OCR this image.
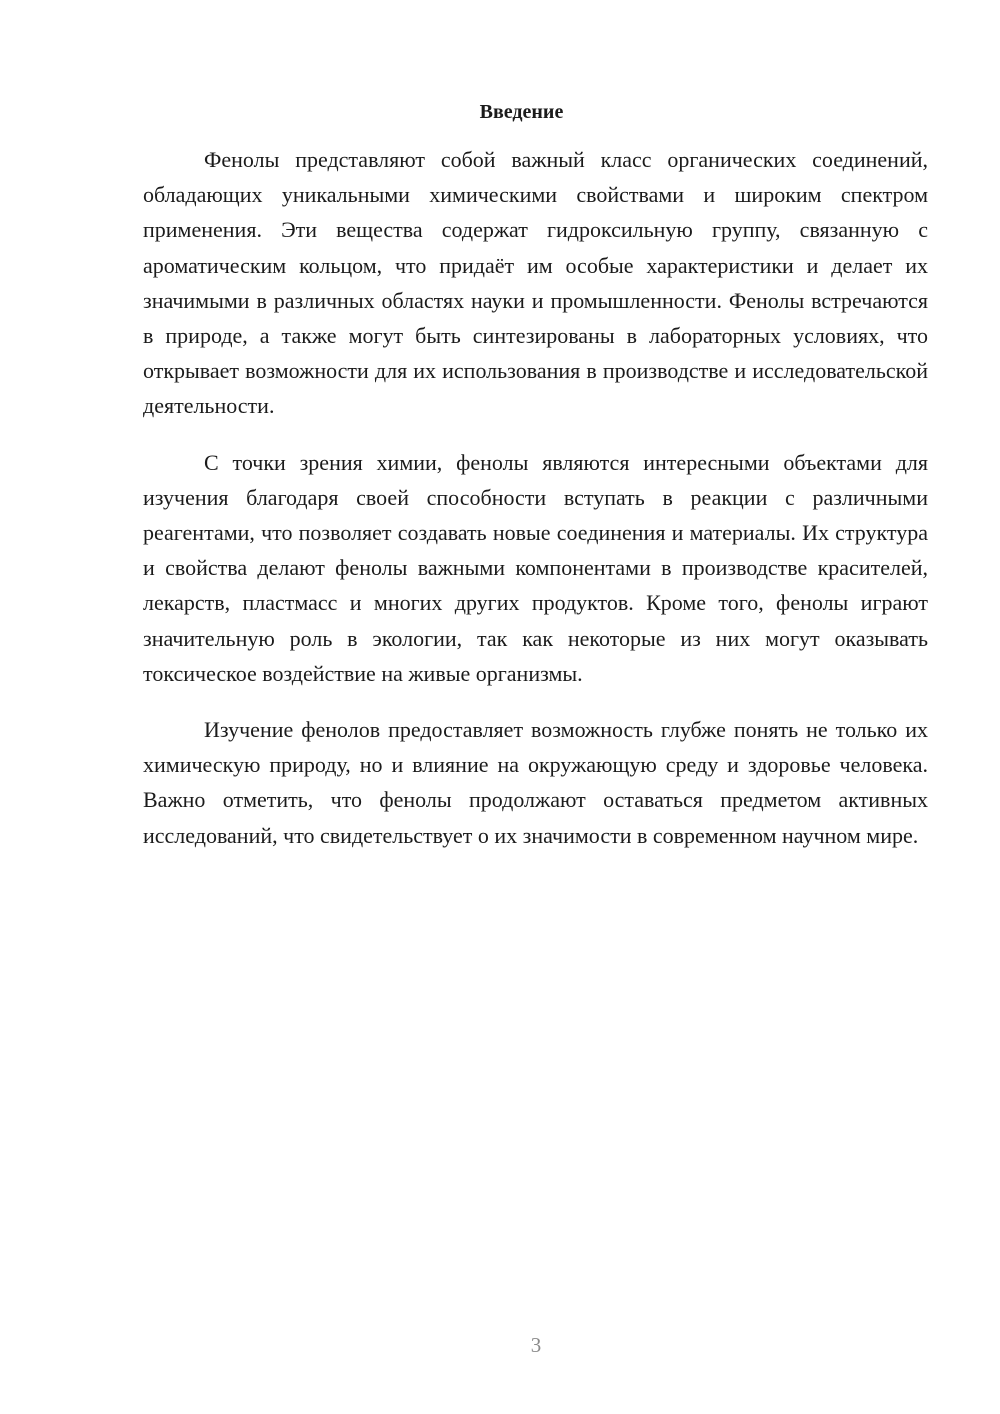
Введение

Фенолы представляют собой важный класс органических соединений, обладающих уникальными химическими свойствами и широким спектром применения. Эти вещества содержат гидроксильную группу, связанную с ароматическим кольцом, что придаёт им особые характеристики и делает их значимыми в различных областях науки и промышленности. Фенолы встречаются в природе, а также могут быть синтезированы в лабораторных условиях, что открывает возможности для их использования в производстве и исследовательской деятельности.

С точки зрения химии, фенолы являются интересными объектами для изучения благодаря своей способности вступать в реакции с различными реагентами, что позволяет создавать новые соединения и материалы. Их структура и свойства делают фенолы важными компонентами в производстве красителей, лекарств, пластмасс и многих других продуктов. Кроме того, фенолы играют значительную роль в экологии, так как некоторые из них могут оказывать токсическое воздействие на живые организмы.

Изучение фенолов предоставляет возможность глубже понять не только их химическую природу, но и влияние на окружающую среду и здоровье человека. Важно отметить, что фенолы продолжают оставаться предметом активных исследований, что свидетельствует о их значимости в современном научном мире.

3
